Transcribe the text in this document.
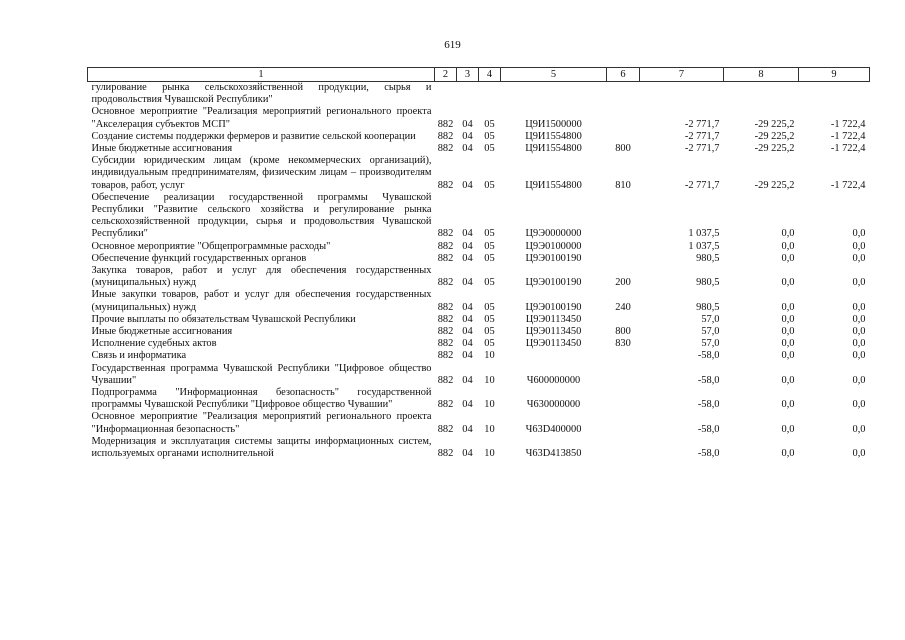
619
1	2	3	4	5	6	7	8	9
гулирование рынка сельскохозяйственной продукции, сырья и продовольствия Чувашской Республики"								
Основное мероприятие "Реализация мероприятий регионального проекта "Акселерация субъектов МСП"	882	04	05	Ц9И1500000		-2 771,7	-29 225,2	-1 722,4
Создание системы поддержки фермеров и развитие сельской кооперации	882	04	05	Ц9И1554800		-2 771,7	-29 225,2	-1 722,4
Иные бюджетные ассигнования	882	04	05	Ц9И1554800	800	-2 771,7	-29 225,2	-1 722,4
Субсидии юридическим лицам (кроме некоммерческих организаций), индивидуальным предпринимателям, физическим лицам – производителям товаров, работ, услуг	882	04	05	Ц9И1554800	810	-2 771,7	-29 225,2	-1 722,4
Обеспечение реализации государственной программы Чувашской Республики "Развитие сельского хозяйства и регулирование рынка сельскохозяйственной продукции, сырья и продовольствия Чувашской Республики"	882	04	05	Ц9Э0000000		1 037,5	0,0	0,0
Основное мероприятие "Общепрограммные расходы"	882	04	05	Ц9Э0100000		1 037,5	0,0	0,0
Обеспечение функций государственных органов	882	04	05	Ц9Э0100190		980,5	0,0	0,0
Закупка товаров, работ и услуг для обеспечения государственных (муниципальных) нужд	882	04	05	Ц9Э0100190	200	980,5	0,0	0,0
Иные закупки товаров, работ и услуг для обеспечения государственных (муниципальных) нужд	882	04	05	Ц9Э0100190	240	980,5	0,0	0,0
Прочие выплаты по обязательствам Чувашской Республики	882	04	05	Ц9Э0113450		57,0	0,0	0,0
Иные бюджетные ассигнования	882	04	05	Ц9Э0113450	800	57,0	0,0	0,0
Исполнение судебных актов	882	04	05	Ц9Э0113450	830	57,0	0,0	0,0
Связь и информатика	882	04	10			-58,0	0,0	0,0
Государственная программа Чувашской Республики "Цифровое общество Чувашии"	882	04	10	Ч600000000		-58,0	0,0	0,0
Подпрограмма "Информационная безопасность" государственной программы Чувашской Республики "Цифровое общество Чувашии"	882	04	10	Ч630000000		-58,0	0,0	0,0
Основное мероприятие "Реализация мероприятий регионального проекта "Информационная безопасность"	882	04	10	Ч63D400000		-58,0	0,0	0,0
Модернизация и эксплуатация системы защиты информационных систем, используемых органами исполнительной	882	04	10	Ч63D413850		-58,0	0,0	0,0
